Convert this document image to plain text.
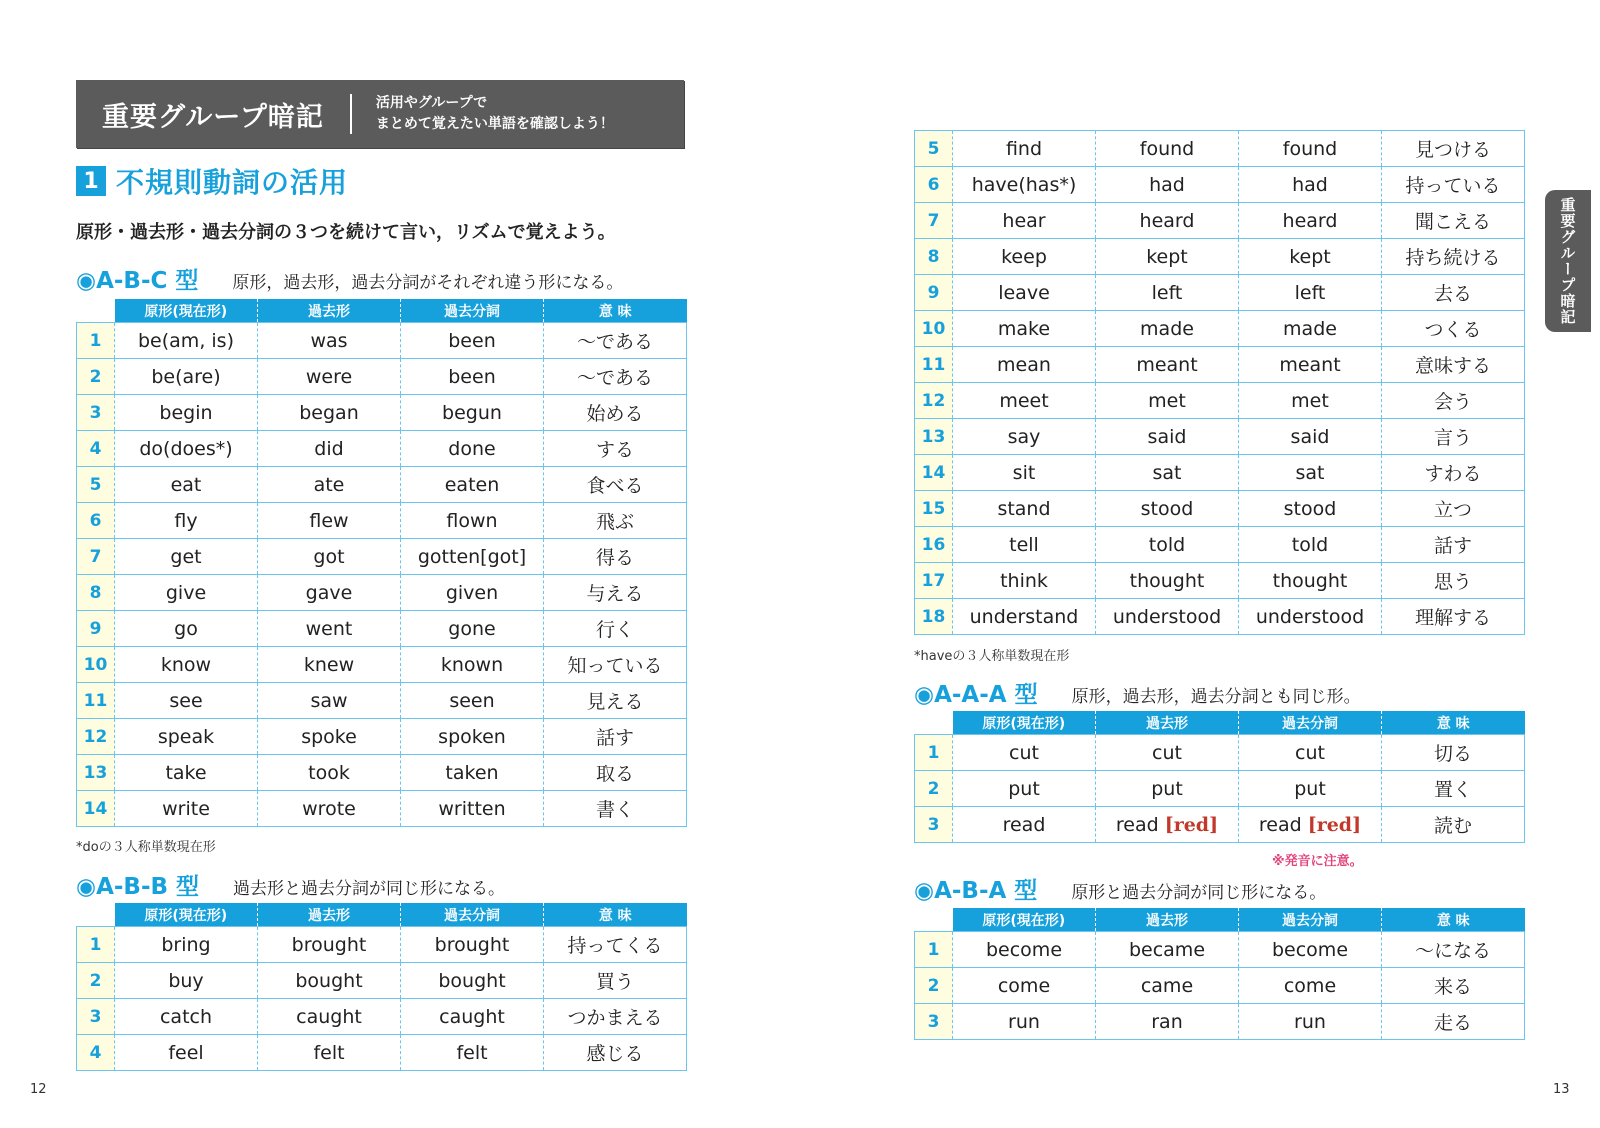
重要グループ暗記	活用やグループで
まとめて覚えたい単語を確認しよう！
1 不規則動詞の活用
原形・過去形・過去分詞の３つを続けて言い，リズムで覚えよう。
◉A-B-C 型 原形，過去形，過去分詞がそれぞれ違う形になる。
	原形(現在形)	過去形	過去分詞	意 味
1	be(am, is)	was	been	～である
2	be(are)	were	been	～である
3	begin	began	begun	始める
4	do(does*)	did	done	する
5	eat	ate	eaten	食べる
6	fly	flew	flown	飛ぶ
7	get	got	gotten[got]	得る
8	give	gave	given	与える
9	go	went	gone	行く
10	know	knew	known	知っている
11	see	saw	seen	見える
12	speak	spoke	spoken	話す
13	take	took	taken	取る
14	write	wrote	written	書く
*doの３人称単数現在形
◉A-B-B 型 過去形と過去分詞が同じ形になる。
	原形(現在形)	過去形	過去分詞	意 味
1	bring	brought	brought	持ってくる
2	buy	bought	bought	買う
3	catch	caught	caught	つかまえる
4	feel	felt	felt	感じる
12
5	find	found	found	見つける
6	have(has*)	had	had	持っている
7	hear	heard	heard	聞こえる
8	keep	kept	kept	持ち続ける
9	leave	left	left	去る
10	make	made	made	つくる
11	mean	meant	meant	意味する
12	meet	met	met	会う
13	say	said	said	言う
14	sit	sat	sat	すわる
15	stand	stood	stood	立つ
16	tell	told	told	話す
17	think	thought	thought	思う
18	understand	understood	understood	理解する
*haveの３人称単数現在形
◉A-A-A 型 原形，過去形，過去分詞とも同じ形。
	原形(現在形)	過去形	過去分詞	意 味
1	cut	cut	cut	切る
2	put	put	put	置く
3	read	read [red]	read [red]	読む
※発音に注意。
◉A-B-A 型 原形と過去分詞が同じ形になる。
	原形(現在形)	過去形	過去分詞	意 味
1	become	became	become	～になる
2	come	came	come	来る
3	run	ran	run	走る
重要グループ暗記
13
